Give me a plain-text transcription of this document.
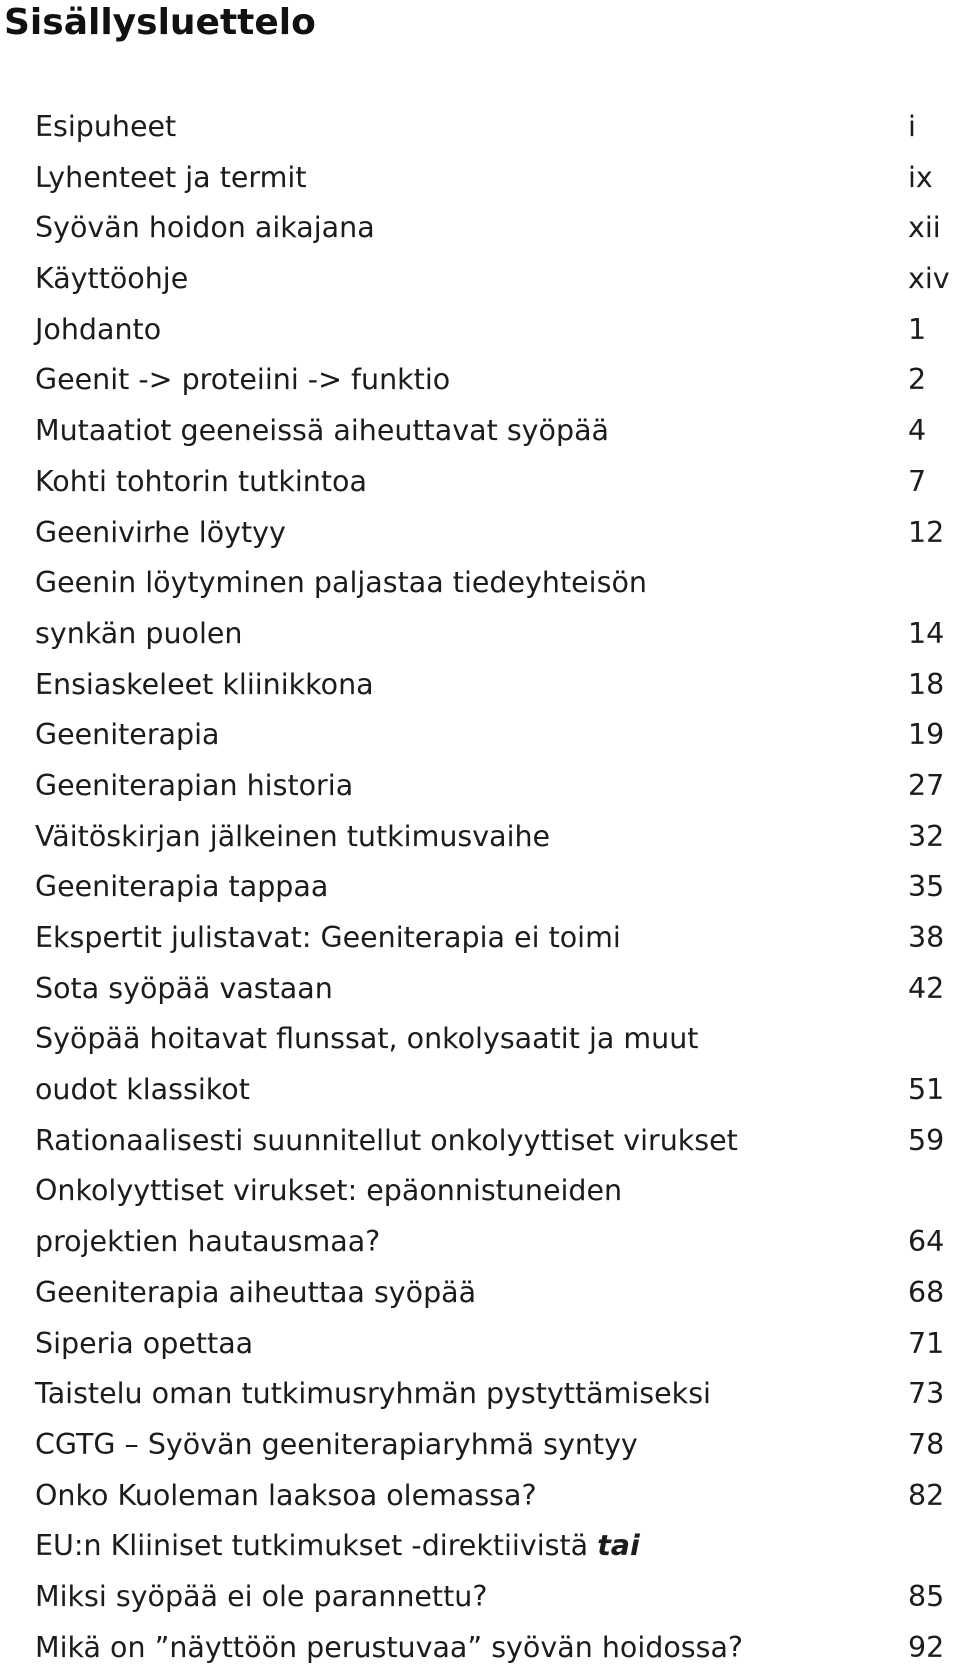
Sisällysluettelo
Esipuheet	i
Lyhenteet ja termit	ix
Syövän hoidon aikajana	xii
Käyttöohje	xiv
Johdanto	1
Geenit -> proteiini -> funktio	2
Mutaatiot geeneissä aiheuttavat syöpää	4
Kohti tohtorin tutkintoa	7
Geenivirhe löytyy	12
Geenin löytyminen paljastaa tiedeyhteisön
synkän puolen	14
Ensiaskeleet kliinikkona	18
Geeniterapia	19
Geeniterapian historia	27
Väitöskirjan jälkeinen tutkimusvaihe	32
Geeniterapia tappaa	35
Ekspertit julistavat: Geeniterapia ei toimi	38
Sota syöpää vastaan	42
Syöpää hoitavat flunssat, onkolysaatit ja muut
oudot klassikot	51
Rationaalisesti suunnitellut onkolyyttiset virukset	59
Onkolyyttiset virukset: epäonnistuneiden
projektien hautausmaa?	64
Geeniterapia aiheuttaa syöpää	68
Siperia opettaa	71
Taistelu oman tutkimusryhmän pystyttämiseksi	73
CGTG – Syövän geeniterapiaryhmä syntyy	78
Onko Kuoleman laaksoa olemassa?	82
EU:n Kliiniset tutkimukset -direktiivistä tai
Miksi syöpää ei ole parannettu?	85
Mikä on ”näyttöön perustuvaa” syövän hoidossa?	92
